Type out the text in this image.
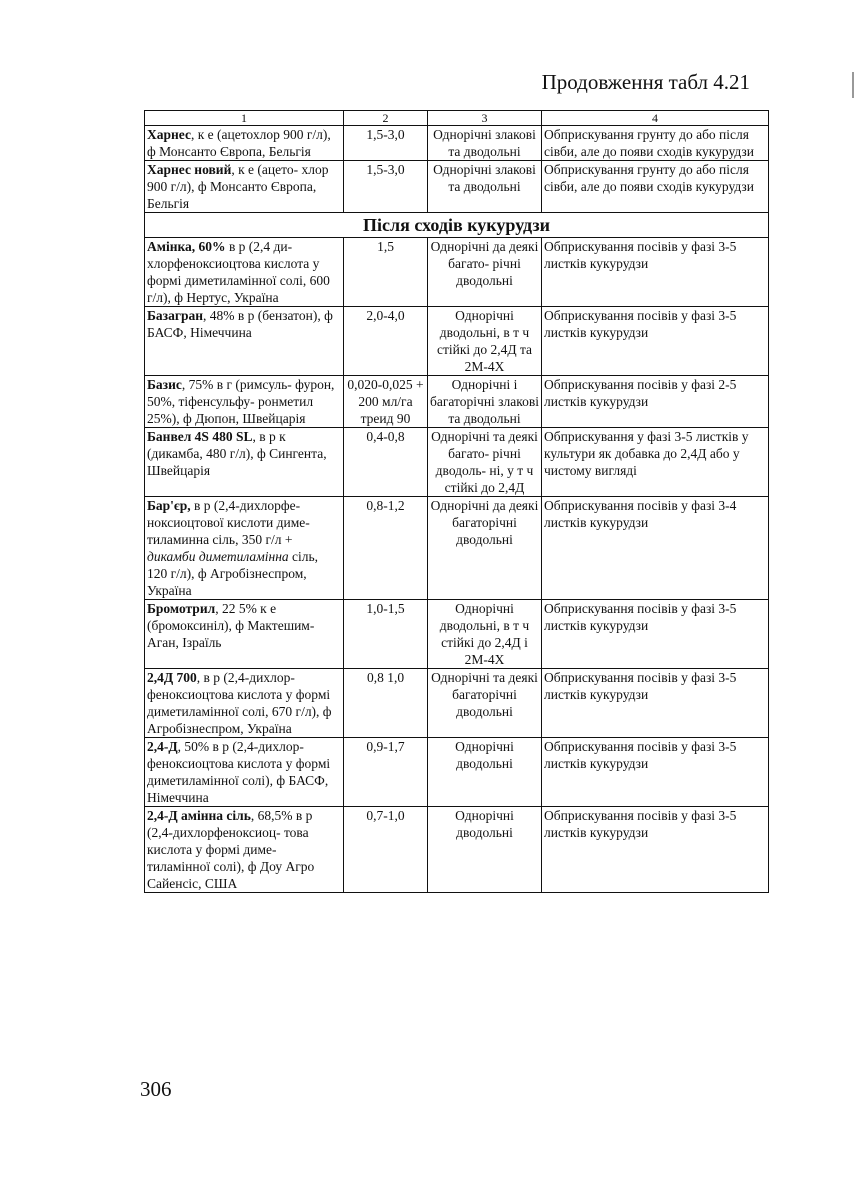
Продовження табл 4.21
1	2	3	4
Харнес, к е (ацетохлор 900 г/л), ф Монсанто Європа, Бельгія	1,5-3,0	Однорічні злакові та дводольні	Обприскування грунту до або після сівби, але до появи сходів кукурудзи
Харнес новий, к е (ацето- хлор 900 г/л), ф Монсанто Європа, Бельгія	1,5-3,0	Однорічні злакові та дводольні	Обприскування грунту до або після сівби, але до появи сходів кукурудзи
Після сходів кукурудзи			
Амінка, 60% в р (2,4 ди- хлорфеноксиоцтова кислота у формі диметиламінної солі, 600 г/л), ф Нертус, Україна	1,5	Однорічні да деякі багато- річні дводольні	Обприскування посівів у фазі 3-5 листків кукурудзи
Базагран, 48% в р (бензатон), ф БАСФ, Німеччина	2,0-4,0	Однорічні дводольні, в т ч стійкі до 2,4Д та 2М-4Х	Обприскування посівів у фазі 3-5 листків кукурудзи
Базис, 75% в г (римсуль- фурон, 50%, тіфенсульфу- ронметил 25%), ф Дюпон, Швейцарія	0,020-0,025 + 200 мл/га треид 90	Однорічні і багаторічні злакові та дводольні	Обприскування посівів у фазі 2-5 листків кукурудзи
Банвел 4S 480 SL, в р к (дикамба, 480 г/л), ф Сингента, Швейцарія	0,4-0,8	Однорічні та деякі багато- річні дводоль- ні, у т ч стійкі до 2,4Д	Обприскування у фазі 3-5 листків у культури як добавка до 2,4Д або у чистому вигляді
Бар'єр, в р (2,4-дихлорфе- ноксиоцтової кислоти диме- тиламинна сіль, 350 г/л + дикамби диметиламінна сіль, 120 г/л), ф Агробізнеспром, Україна	0,8-1,2	Однорічні да деякі багаторічні дводольні	Обприскування посівів у фазі 3-4 листків кукурудзи
Бромотрил, 22 5% к е (бромоксиніл), ф Мактешим-Аган, Ізраїль	1,0-1,5	Однорічні дводольні, в т ч стійкі до 2,4Д і 2М-4Х	Обприскування посівів у фазі 3-5 листків кукурудзи
2,4Д 700, в р (2,4-дихлор- феноксиоцтова кислота у формі диметиламінної солі, 670 г/л), ф Агробізнеспром, Україна	0,8 1,0	Однорічні та деякі багаторічні дводольні	Обприскування посівів у фазі 3-5 листків кукурудзи
2,4-Д, 50% в р (2,4-дихлор- феноксиоцтова кислота у формі диметиламінної солі), ф БАСФ, Німеччина	0,9-1,7	Однорічні дводольні	Обприскування посівів у фазі 3-5 листків кукурудзи
2,4-Д амінна сіль, 68,5% в р (2,4-дихлорфеноксиоц- това кислота у формі диме- тиламінної солі), ф Доу Агро Сайенсіс, США	0,7-1,0	Однорічні дводольні	Обприскування посівів у фазі 3-5 листків кукурудзи
306
